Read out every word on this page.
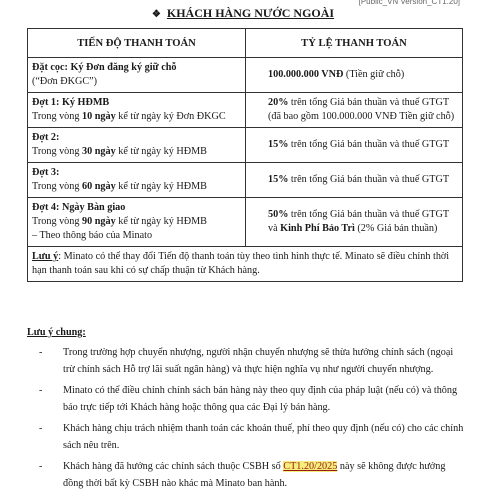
[Public_VN Version_CT1.20]
❖ KHÁCH HÀNG NƯỚC NGOÀI
TIẾN ĐỘ THANH TOÁN	TỶ LỆ THANH TOÁN
Đặt cọc: Ký Đơn đăng ký giữ chỗ
(“Đơn ĐKGC”)	100.000.000 VNĐ (Tiền giữ chỗ)
Đợt 1: Ký HĐMB
Trong vòng 10 ngày kể từ ngày ký Đơn ĐKGC	20% trên tổng Giá bán thuần và thuế GTGT
(đã bao gồm 100.000.000 VNĐ Tiền giữ chỗ)
Đợt 2:
Trong vòng 30 ngày kể từ ngày ký HĐMB	15% trên tổng Giá bán thuần và thuế GTGT
Đợt 3:
Trong vòng 60 ngày kể từ ngày ký HĐMB	15% trên tổng Giá bán thuần và thuế GTGT
Đợt 4: Ngày Bàn giao
Trong vòng 90 ngày kể từ ngày ký HĐMB
– Theo thông báo của Minato	50% trên tổng Giá bán thuần và thuế GTGT
và Kinh Phí Bảo Trì (2% Giá bán thuần)
Lưu ý: Minato có thể thay đổi Tiến độ thanh toán tùy theo tình hình thực tế. Minato sẽ điều chỉnh thời hạn thanh toán sau khi có sự chấp thuận từ Khách hàng.	
Lưu ý chung:
- Trong trường hợp chuyển nhượng, người nhận chuyển nhượng sẽ thừa hưởng chính sách (ngoại trừ chính sách Hỗ trợ lãi suất ngân hàng) và thực hiện nghĩa vụ như người chuyển nhượng.
- Minato có thể điều chỉnh chính sách bán hàng này theo quy định của pháp luật (nếu có) và thông báo trực tiếp tới Khách hàng hoặc thông qua các Đại lý bán hàng.
- Khách hàng chịu trách nhiệm thanh toán các khoản thuế, phí theo quy định (nếu có) cho các chính sách nêu trên.
- Khách hàng đã hưởng các chính sách thuộc CSBH số CT1.20/2025 này sẽ không được hưởng đồng thời bất kỳ CSBH nào khác mà Minato ban hành.
